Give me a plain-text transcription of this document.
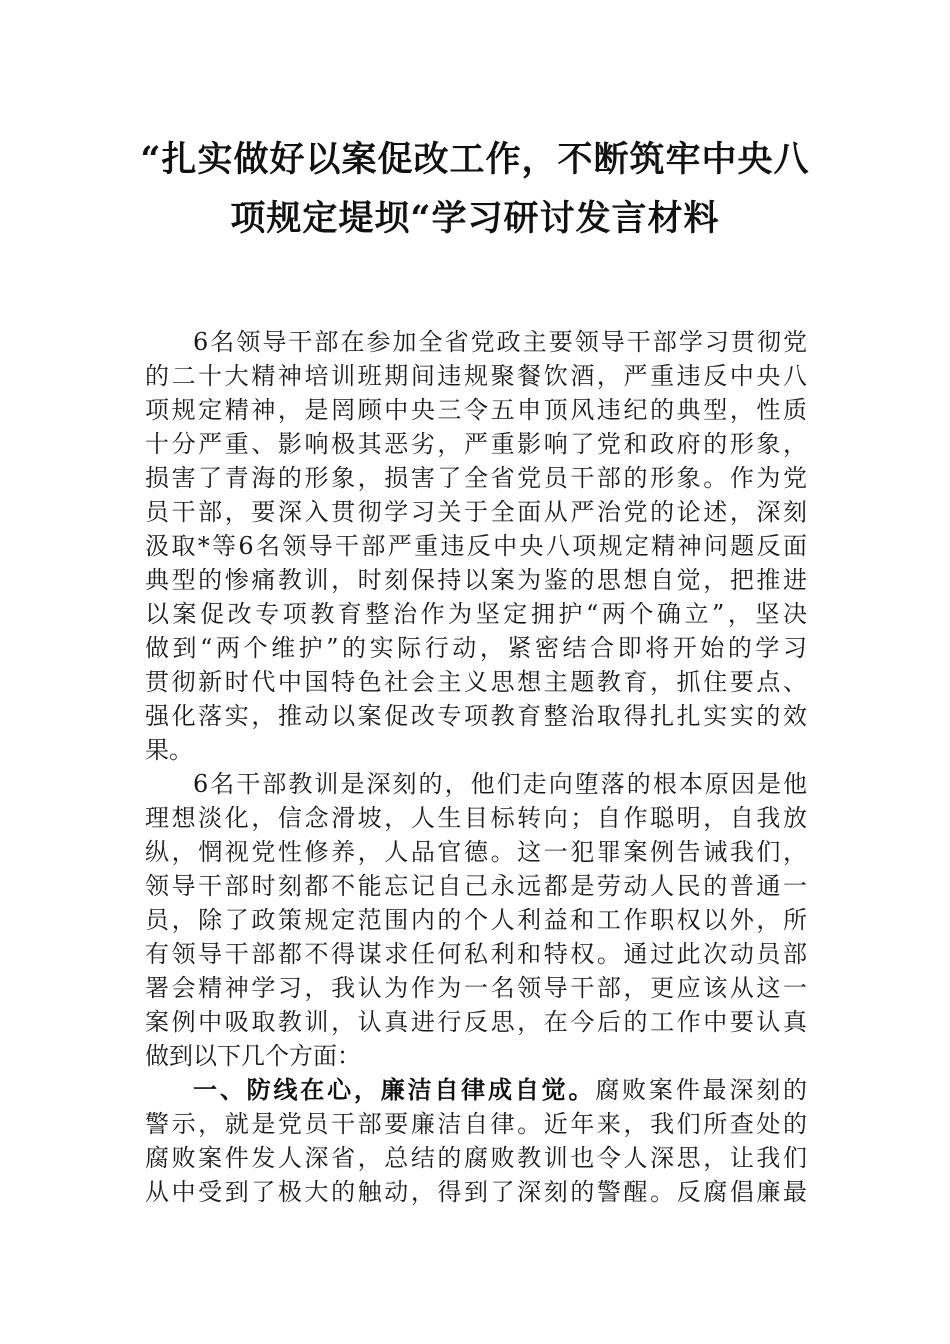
“扎实做好以案促改工作，不断筑牢中央八
项规定堤坝“学习研讨发言材料
6名领导干部在参加全省党政主要领导干部学习贯彻党
的二十大精神培训班期间违规聚餐饮酒，严重违反中央八
项规定精神，是罔顾中央三令五申顶风违纪的典型，性质
十分严重、影响极其恶劣，严重影响了党和政府的形象，
损害了青海的形象，损害了全省党员干部的形象。作为党
员干部，要深入贯彻学习关于全面从严治党的论述，深刻
汲取*等6名领导干部严重违反中央八项规定精神问题反面
典型的惨痛教训，时刻保持以案为鉴的思想自觉，把推进
以案促改专项教育整治作为坚定拥护“两个确立”，坚决
做到“两个维护”的实际行动，紧密结合即将开始的学习
贯彻新时代中国特色社会主义思想主题教育，抓住要点、
强化落实，推动以案促改专项教育整治取得扎扎实实的效
果。
6名干部教训是深刻的，他们走向堕落的根本原因是他
理想淡化，信念滑坡，人生目标转向；自作聪明，自我放
纵，惘视党性修养，人品官德。这一犯罪案例告诫我们，
领导干部时刻都不能忘记自己永远都是劳动人民的普通一
员，除了政策规定范围内的个人利益和工作职权以外，所
有领导干部都不得谋求任何私利和特权。通过此次动员部
署会精神学习，我认为作为一名领导干部，更应该从这一
案例中吸取教训，认真进行反思，在今后的工作中要认真
做到以下几个方面：
一、防线在心，廉洁自律成自觉。腐败案件最深刻的
警示，就是党员干部要廉洁自律。近年来，我们所查处的
腐败案件发人深省，总结的腐败教训也令人深思，让我们
从中受到了极大的触动，得到了深刻的警醒。反腐倡廉最
